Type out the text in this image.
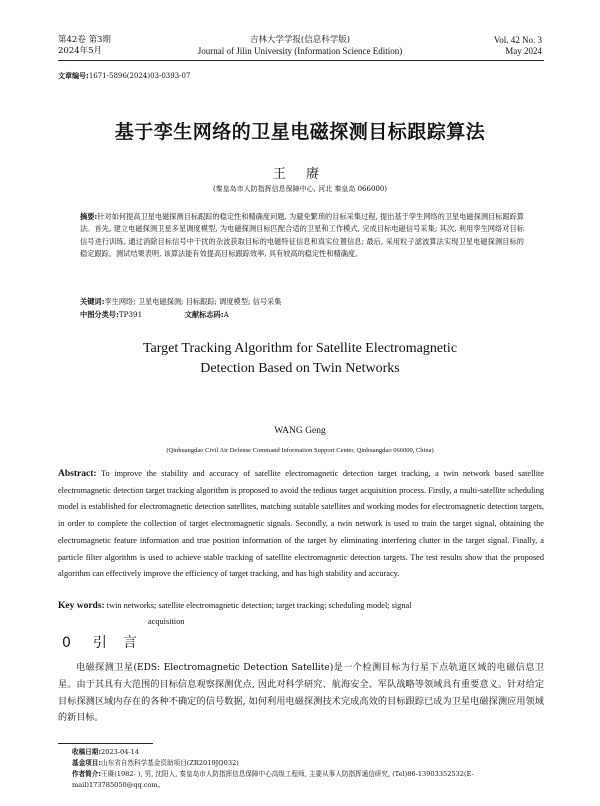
第42卷 第3期
2024年5月
吉林大学学报(信息科学版)
Journal of Jilin University (Information Science Edition)
Vol. 42 No. 3
May 2024
文章编号:1671-5896(2024)03-0393-07
基于孪生网络的卫星电磁探测目标跟踪算法
王 赓
(秦皇岛市人防指挥信息保障中心, 河北 秦皇岛 066000)
摘要:针对如何提高卫星电磁探测目标跟踪的稳定性和精确度问题, 为避免繁琐的目标采集过程, 提出基于孪生网络的卫星电磁探测目标跟踪算法。首先, 建立电磁探测卫星多星调度模型, 为电磁探测目标匹配合适的卫星和工作模式, 完成目标电磁信号采集; 其次, 利用孪生网络对目标信号进行训练, 通过消除目标信号中干扰的杂波获取目标的电磁特征信息和真实位置信息; 最后, 采用粒子滤波算法实现卫星电磁探测目标的稳定跟踪。测试结果表明, 该算法能有效提高目标跟踪效率, 具有较高的稳定性和精确度。
关键词:孪生网络; 卫星电磁探测; 目标跟踪; 调度模型; 信号采集
中图分类号:TP391	文献标志码:A
Target Tracking Algorithm for Satellite Electromagnetic
Detection Based on Twin Networks
WANG Geng
(Qinhuangdao Civil Air Defense Command Information Support Center, Qinhuangdao 066000, China)
Abstract: To improve the stability and accuracy of satellite electromagnetic detection target tracking, a twin network based satellite electromagnetic detection target tracking algorithm is proposed to avoid the tedious target acquisition process. Firstly, a multi-satellite scheduling model is established for electromagnetic detection satellites, matching suitable satellites and working modes for electromagnetic detection targets, in order to complete the collection of target electromagnetic signals. Secondly, a twin network is used to train the target signal, obtaining the electromagnetic feature information and true position information of the target by eliminating interfering clutter in the target signal. Finally, a particle filter algorithm is used to achieve stable tracking of satellite electromagnetic detection targets. The test results show that the proposed algorithm can effectively improve the efficiency of target tracking, and has high stability and accuracy.
Key words: twin networks; satellite electromagnetic detection; target tracking; scheduling model; signal
acquisition
0 引言
电磁探测卫星(EDS: Electromagnetic Detection Satellite)是一个检测目标为行星下点轨道区域的电磁信息卫星。由于其具有大范围的目标信息观察探测优点, 因此对科学研究、航海安全、军队战略等领域具有重要意义。针对给定目标探测区域内存在的各种不确定的信号数据, 如何利用电磁探测技术完成高效的目标跟踪已成为卫星电磁探测应用领域的新目标。
收稿日期:2023-04-14
基金项目:山东省自然科学基金资助项目(ZR2019JQ032)
作者简介:王赓(1982- ), 男, 沈阳人, 秦皇岛市人防指挥信息保障中心高级工程师, 主要从事人防指挥通信研究, (Tel)86-13903352532(E-mail)173785050@qq.com。
